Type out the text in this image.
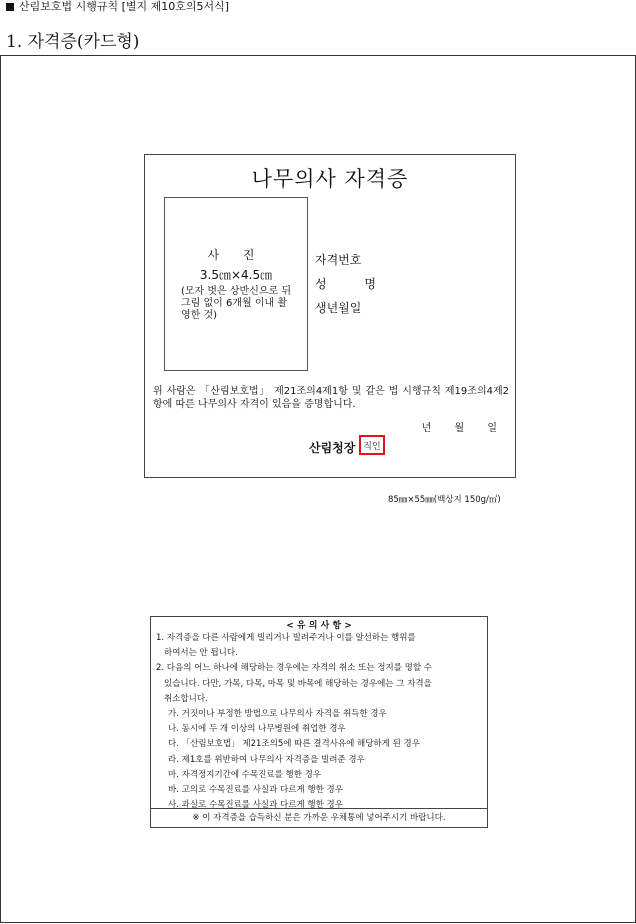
산림보호법 시행규칙 [별지 제10호의5서식]
1. 자격증(카드형)
나무의사 자격증
사 진
3.5㎝×4.5㎝
(모자 벗은 상반신으로 뒤 그림 없이 6개월 이내 촬영한 것)
자격번호
성 명
생년월일
위 사람은 「산림보호법」 제21조의4제1항 및 같은 법 시행규칙 제19조의4제2항에 따른 나무의사 자격이 있음을 증명합니다.
년 월 일
산림청장 직인
85㎜×55㎜(백상지 150g/㎡)
< 유 의 사 항 >
1. 자격증을 다른 사람에게 빌리거나 빌려주거나 이를 알선하는 행위를
하여서는 안 됩니다.
2. 다음의 어느 하나에 해당하는 경우에는 자격의 취소 또는 정지를 명할 수
있습니다. 다만, 가목, 다목, 마목 및 바목에 해당하는 경우에는 그 자격을
취소합니다.
가. 거짓이나 부정한 방법으로 나무의사 자격을 취득한 경우
나. 동시에 두 개 이상의 나무병원에 취업한 경우
다. 「산림보호법」 제21조의5에 따른 결격사유에 해당하게 된 경우
라. 제1호를 위반하여 나무의사 자격증을 빌려준 경우
마. 자격정지기간에 수목진료를 행한 경우
바. 고의로 수목진료를 사실과 다르게 행한 경우
사. 과실로 수목진료를 사실과 다르게 행한 경우
※ 이 자격증을 습득하신 분은 가까운 우체통에 넣어주시기 바랍니다.
